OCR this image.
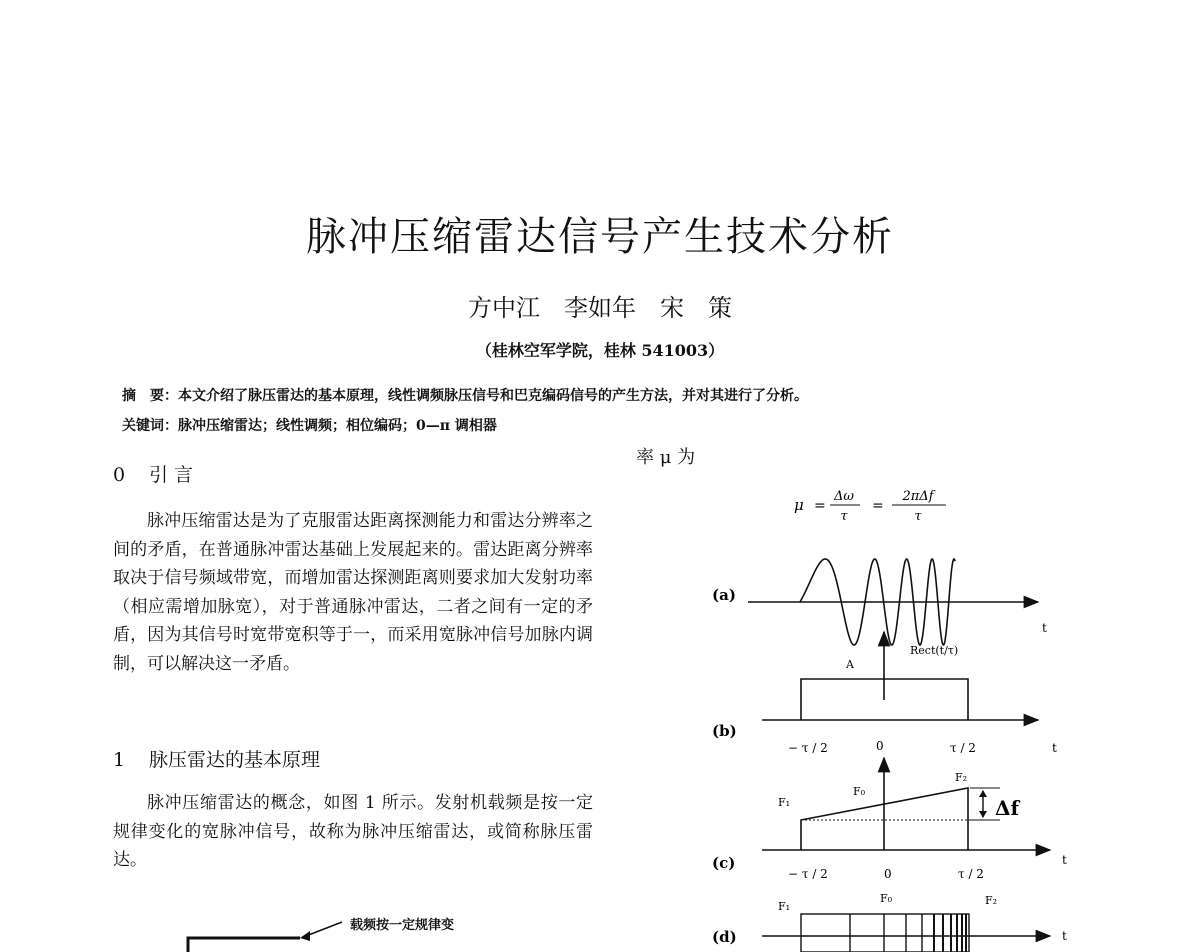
脉冲压缩雷达信号产生技术分析
方中江　李如年　宋　策
（桂林空军学院，桂林 541003）
摘　要：本文介绍了脉压雷达的基本原理，线性调频脉压信号和巴克编码信号的产生方法，并对其进行了分析。
关键词：脉冲压缩雷达；线性调频；相位编码；0—π 调相器
0 引 言

脉冲压缩雷达是为了克服雷达距离探测能力和雷达分辨率之间的矛盾，在普通脉冲雷达基础上发展起来的。雷达距离分辨率取决于信号频域带宽，而增加雷达探测距离则要求加大发射功率（相应需增加脉宽），对于普通脉冲雷达，二者之间有一定的矛盾，因为其信号时宽带宽积等于一，而采用宽脉冲信号加脉内调制，可以解决这一矛盾。

1 脉压雷达的基本原理

脉冲压缩雷达的概念，如图 1 所示。发射机载频是按一定规律变化的宽脉冲信号，故称为脉冲压缩雷达，或简称脉压雷达。

载频按一定规律变
率 μ 为
μ =
Δω
τ
=
2πΔf
τ
(a)
t
Rect(t/τ)
A
(b)
− τ / 2	0	τ / 2	t
F₁
F₀
F₂
Δf
(c)
− τ / 2	0	τ / 2
t
F₁
F₀	F₂
(d)	t
